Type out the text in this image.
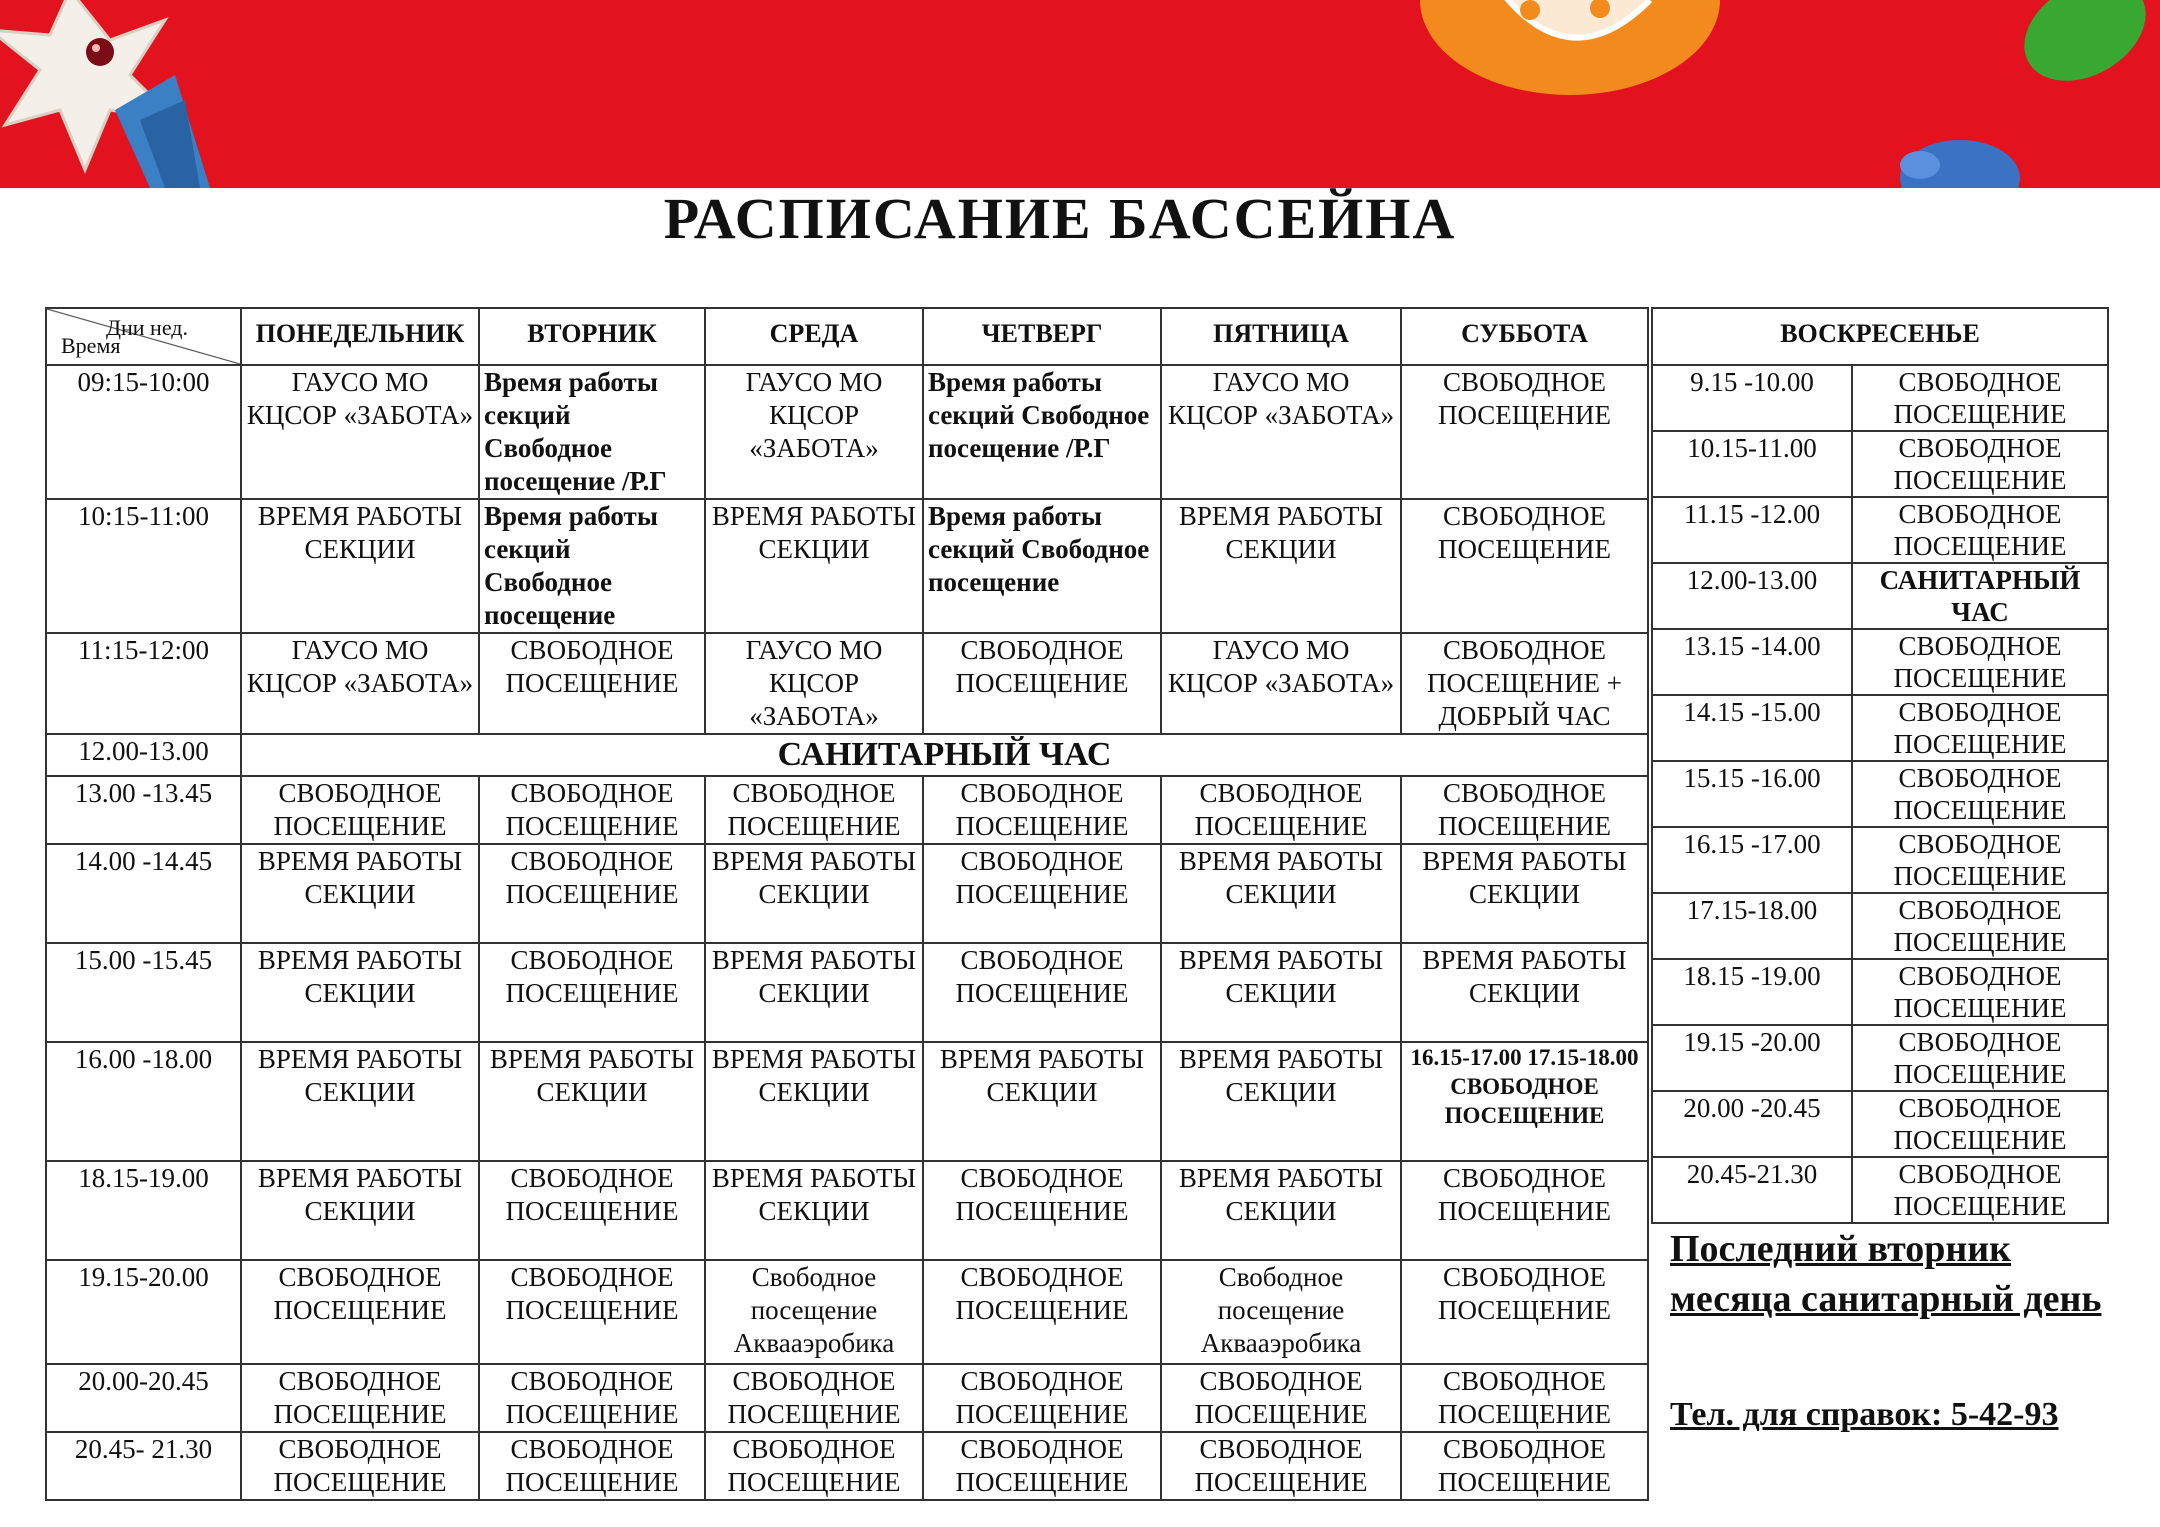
РАСПИСАНИЕ БАССЕЙНА
Дни нед.
Время	ПОНЕДЕЛЬНИК	ВТОРНИК	СРЕДА	ЧЕТВЕРГ	ПЯТНИЦА	СУББОТА
09:15-10:00	ГАУСО МО КЦСОР «ЗАБОТА»	Время работы секций Свободное посещение /Р.Г	ГАУСО МО КЦСОР «ЗАБОТА»	Время работы секций Свободное посещение /Р.Г	ГАУСО МО КЦСОР «ЗАБОТА»	СВОБОДНОЕ ПОСЕЩЕНИЕ
10:15-11:00	ВРЕМЯ РАБОТЫ СЕКЦИИ	Время работы секций Свободное посещение	ВРЕМЯ РАБОТЫ СЕКЦИИ	Время работы секций Свободное посещение	ВРЕМЯ РАБОТЫ СЕКЦИИ	СВОБОДНОЕ ПОСЕЩЕНИЕ
11:15-12:00	ГАУСО МО КЦСОР «ЗАБОТА»	СВОБОДНОЕ ПОСЕЩЕНИЕ	ГАУСО МО КЦСОР «ЗАБОТА»	СВОБОДНОЕ ПОСЕЩЕНИЕ	ГАУСО МО КЦСОР «ЗАБОТА»	СВОБОДНОЕ ПОСЕЩЕНИЕ + ДОБРЫЙ ЧАС
12.00-13.00	САНИТАРНЫЙ ЧАС					
13.00 -13.45	СВОБОДНОЕ ПОСЕЩЕНИЕ	СВОБОДНОЕ ПОСЕЩЕНИЕ	СВОБОДНОЕ ПОСЕЩЕНИЕ	СВОБОДНОЕ ПОСЕЩЕНИЕ	СВОБОДНОЕ ПОСЕЩЕНИЕ	СВОБОДНОЕ ПОСЕЩЕНИЕ
14.00 -14.45	ВРЕМЯ РАБОТЫ СЕКЦИИ	СВОБОДНОЕ ПОСЕЩЕНИЕ	ВРЕМЯ РАБОТЫ СЕКЦИИ	СВОБОДНОЕ ПОСЕЩЕНИЕ	ВРЕМЯ РАБОТЫ СЕКЦИИ	ВРЕМЯ РАБОТЫ СЕКЦИИ
15.00 -15.45	ВРЕМЯ РАБОТЫ СЕКЦИИ	СВОБОДНОЕ ПОСЕЩЕНИЕ	ВРЕМЯ РАБОТЫ СЕКЦИИ	СВОБОДНОЕ ПОСЕЩЕНИЕ	ВРЕМЯ РАБОТЫ СЕКЦИИ	ВРЕМЯ РАБОТЫ СЕКЦИИ
16.00 -18.00	ВРЕМЯ РАБОТЫ СЕКЦИИ	ВРЕМЯ РАБОТЫ СЕКЦИИ	ВРЕМЯ РАБОТЫ СЕКЦИИ	ВРЕМЯ РАБОТЫ СЕКЦИИ	ВРЕМЯ РАБОТЫ СЕКЦИИ	16.15-17.00 17.15-18.00 СВОБОДНОЕ ПОСЕЩЕНИЕ
18.15-19.00	ВРЕМЯ РАБОТЫ СЕКЦИИ	СВОБОДНОЕ ПОСЕЩЕНИЕ	ВРЕМЯ РАБОТЫ СЕКЦИИ	СВОБОДНОЕ ПОСЕЩЕНИЕ	ВРЕМЯ РАБОТЫ СЕКЦИИ	СВОБОДНОЕ ПОСЕЩЕНИЕ
19.15-20.00	СВОБОДНОЕ ПОСЕЩЕНИЕ	СВОБОДНОЕ ПОСЕЩЕНИЕ	Свободное посещение Аквааэробика	СВОБОДНОЕ ПОСЕЩЕНИЕ	Свободное посещение Аквааэробика	СВОБОДНОЕ ПОСЕЩЕНИЕ
20.00-20.45	СВОБОДНОЕ ПОСЕЩЕНИЕ	СВОБОДНОЕ ПОСЕЩЕНИЕ	СВОБОДНОЕ ПОСЕЩЕНИЕ	СВОБОДНОЕ ПОСЕЩЕНИЕ	СВОБОДНОЕ ПОСЕЩЕНИЕ	СВОБОДНОЕ ПОСЕЩЕНИЕ
20.45- 21.30	СВОБОДНОЕ ПОСЕЩЕНИЕ	СВОБОДНОЕ ПОСЕЩЕНИЕ	СВОБОДНОЕ ПОСЕЩЕНИЕ	СВОБОДНОЕ ПОСЕЩЕНИЕ	СВОБОДНОЕ ПОСЕЩЕНИЕ	СВОБОДНОЕ ПОСЕЩЕНИЕ
ВОСКРЕСЕНЬЕ	
9.15 -10.00	СВОБОДНОЕ ПОСЕЩЕНИЕ
10.15-11.00	СВОБОДНОЕ ПОСЕЩЕНИЕ
11.15 -12.00	СВОБОДНОЕ ПОСЕЩЕНИЕ
12.00-13.00	САНИТАРНЫЙ ЧАС
13.15 -14.00	СВОБОДНОЕ ПОСЕЩЕНИЕ
14.15 -15.00	СВОБОДНОЕ ПОСЕЩЕНИЕ
15.15 -16.00	СВОБОДНОЕ ПОСЕЩЕНИЕ
16.15 -17.00	СВОБОДНОЕ ПОСЕЩЕНИЕ
17.15-18.00	СВОБОДНОЕ ПОСЕЩЕНИЕ
18.15 -19.00	СВОБОДНОЕ ПОСЕЩЕНИЕ
19.15 -20.00	СВОБОДНОЕ ПОСЕЩЕНИЕ
20.00 -20.45	СВОБОДНОЕ ПОСЕЩЕНИЕ
20.45-21.30	СВОБОДНОЕ ПОСЕЩЕНИЕ
Последний вторник месяца санитарный день
Тел. для справок: 5-42-93
